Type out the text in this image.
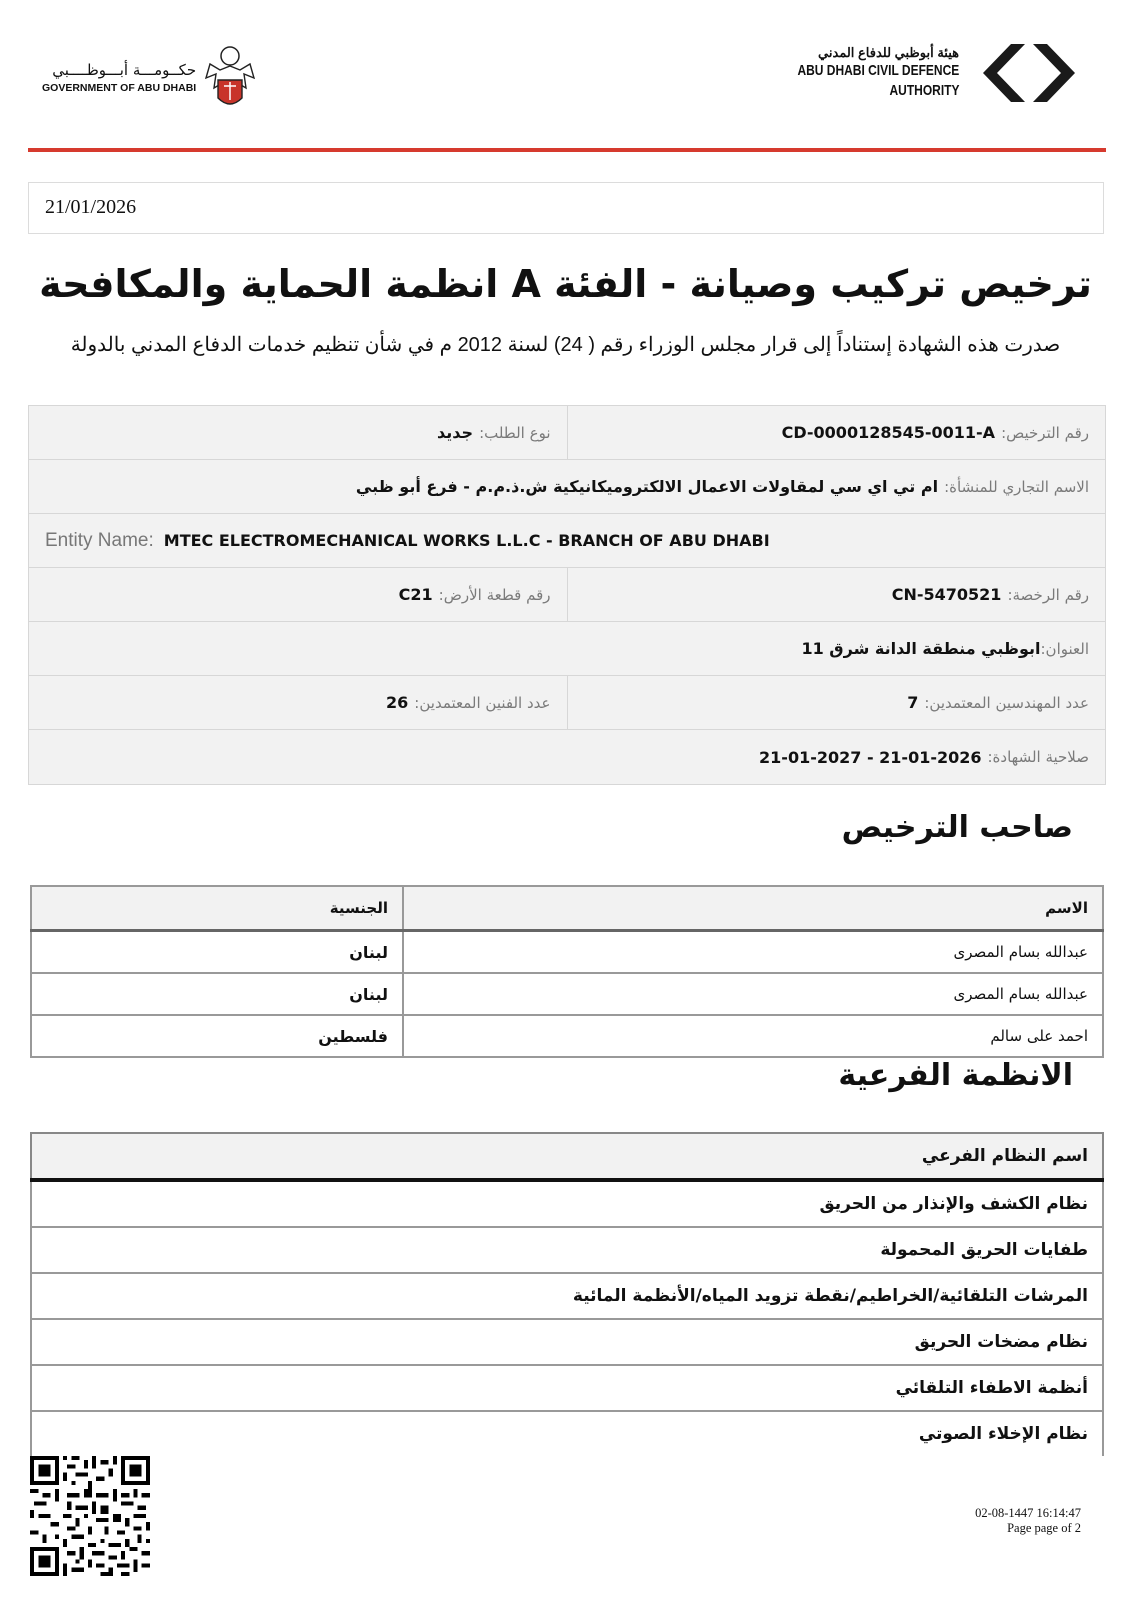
حكــومـــة أبـــوظــــبي
GOVERNMENT OF ABU DHABI
هيئة أبوظبي للدفاع المدني
ABU DHABI CIVIL DEFENCE
AUTHORITY
21/01/2026
ترخيص تركيب وصيانة - الفئة A انظمة الحماية والمكافحة
صدرت هذه الشهادة إستناداً إلى قرار مجلس الوزراء رقم ( 24) لسنة 2012 م في شأن تنظيم خدمات الدفاع المدني بالدولة
رقم الترخيص:
CD-0000128545-0011-A
نوع الطلب:
جديد
الاسم التجاري للمنشأة:
ام تي اي سي لمقاولات الاعمال الالكتروميكانيكية ش.ذ.م.م - فرع أبو ظبي
Entity Name: MTEC ELECTROMECHANICAL WORKS L.L.C - BRANCH OF ABU DHABI
رقم الرخصة:
CN-5470521
رقم قطعة الأرض:
C21
العنوان:
ابوظبي منطقة الدانة شرق 11
عدد المهندسين المعتمدين:
7
عدد الفنين المعتمدين:
26
صلاحية الشهادة:
21-01-2026 - 21-01-2027
صاحب الترخيص
الاسم	الجنسية
عبدالله بسام المصرى	لبنان
عبدالله بسام المصرى	لبنان
احمد على سالم	فلسطين
الانظمة الفرعية
اسم النظام الفرعي
نظام الكشف والإنذار من الحريق
طفايات الحريق المحمولة
المرشات التلقائية/الخراطيم/نقطة تزويد المياه/الأنظمة المائية
نظام مضخات الحريق
أنظمة الاطفاء التلقائي
نظام الإخلاء الصوتي
02-08-1447 16:14:47
Page page of 2
